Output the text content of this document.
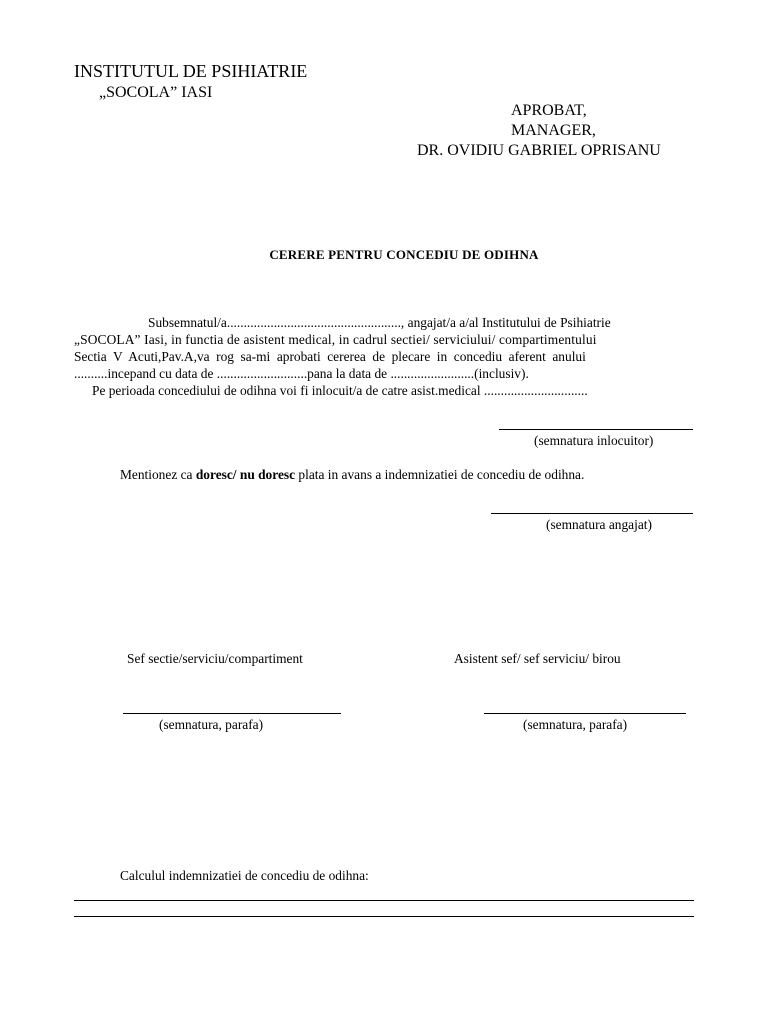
INSTITUTUL DE PSIHIATRIE
„SOCOLA” IASI
APROBAT,
MANAGER,
DR. OVIDIU GABRIEL OPRISANU
CERERE PENTRU CONCEDIU DE ODIHNA
Subsemnatul/a...................................................., angajat/a a/al Institutului de Psihiatrie
„SOCOLA” Iasi, in functia de asistent medical, in cadrul sectiei/ serviciului/ compartimentului
Sectia V Acuti,Pav.A,va rog sa-mi aprobati cererea de plecare in concediu aferent anului
..........incepand cu data de ...........................pana la data de .........................(inclusiv).
Pe perioada concediului de odihna voi fi inlocuit/a de catre asist.medical ...............................
(semnatura inlocuitor)
Mentionez ca doresc/ nu doresc plata in avans a indemnizatiei de concediu de odihna.
(semnatura angajat)
Sef sectie/serviciu/compartiment	Asistent sef/ sef serviciu/ birou
(semnatura, parafa)	(semnatura, parafa)
Calculul indemnizatiei de concediu de odihna:
